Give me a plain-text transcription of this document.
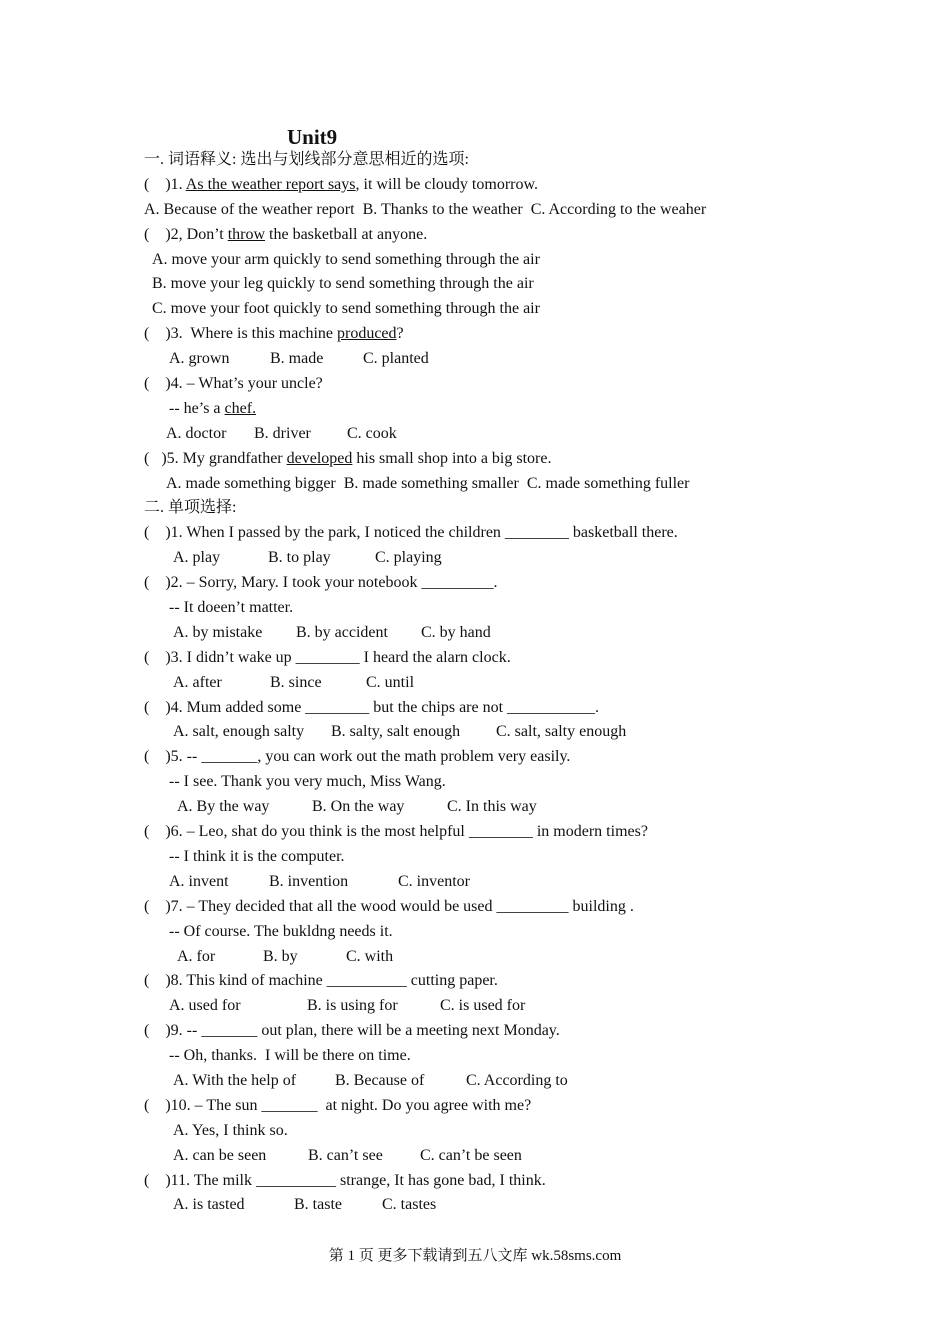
Unit9
一. 词语释义: 选出与划线部分意思相近的选项:
(    )1. As the weather report says, it will be cloudy tomorrow.
A. Because of the weather report B. Thanks to the weather C. According to the weaher
(    )2, Don’t throw the basketball at anyone.
A. move your arm quickly to send something through the air
B. move your leg quickly to send something through the air
C. move your foot quickly to send something through the air
(    )3.  Where is this machine produced?
A. grown	B. made C. planted
(    )4. – What’s your uncle?
-- he’s a chef.
A. doctor B. driver C. cook
(   )5. My grandfather developed his small shop into a big store.
A. made something bigger B. made something smaller C. made something fuller
二. 单项选择:
(    )1. When I passed by the park, I noticed the children ________ basketball there.
A. play	B. to play	C. playing
(    )2. – Sorry, Mary. I took your notebook _________.
-- It doeen’t matter.
A. by mistake B. by accident C. by hand
(    )3. I didn’t wake up ________ I heard the alarn clock.
A. after	B. since	C. until
(    )4. Mum added some ________ but the chips are not ___________.
A. salt, enough salty B. salty, salt enough C. salt, salty enough
(    )5. -- _______, you can work out the math problem very easily.
-- I see. Thank you very much, Miss Wang.
A. By the way	B. On the way	C. In this way
(    )6. – Leo, shat do you think is the most helpful ________ in modern times?
-- I think it is the computer.
A. invent	B. invention	C. inventor
(    )7. – They decided that all the wood would be used _________ building .
-- Of course. The bukldng needs it.
A. for	B. by	C. with
(    )8. This kind of machine __________ cutting paper.
A. used for	B. is using for	C. is used for
(    )9. -- _______ out plan, there will be a meeting next Monday.
-- Oh, thanks.  I will be there on time.
A. With the help of B. Because of	C. According to
(    )10. – The sun _______  at night. Do you agree with me?
A. Yes, I think so.
A. can be seen	B. can’t see C. can’t be seen
(    )11. The milk __________ strange, It has gone bad, I think.
A. is tasted	B. taste	C. tastes
第 1 页 更多下载请到五八文库 wk.58sms.com
